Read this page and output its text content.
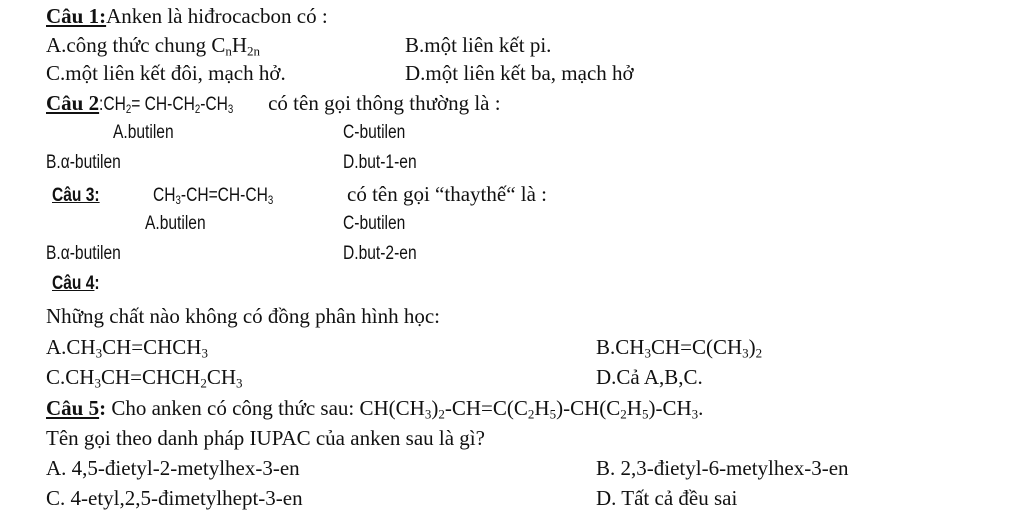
Câu 1:Anken là hiđrocacbon có :
A.công thức chung $C_nH_{2n}$	B.một liên kết pi.
C.một liên kết đôi, mạch hở.	D.một liên kết ba, mạch hở
Câu $2:CH_2= CH-CH_2-CH_3$ có tên gọi thông thường là :
A.butilen	C-butilen
B.α-butilen	D.but-1-en
Câu 3:	$CH_3-CH=CH-CH_3$	có tên gọi “thaythế“ là :
A.butilen	C-butilen
B.α-butilen	D.but-2-en
Câu 4:
Những chất nào không có đồng phân hình học:
$A.CH_3CH=CHCH_3$	$B.CH_3CH=C(CH_3)_2$
$C.CH_3CH=CHCH_2CH_3$	D.Cả A,B,C.
Câu 5: Cho anken có công thức sau: $CH(CH_3)_2-CH=C(C_2H_5)-CH(C_2H_5)-CH_3$.
Tên gọi theo danh pháp IUPAC của anken sau là gì?
A. 4,5-đietyl-2-metylhex-3-en	B. 2,3-đietyl-6-metylhex-3-en
C. 4-etyl,2,5-đimetylhept-3-en	D. Tất cả đều sai
